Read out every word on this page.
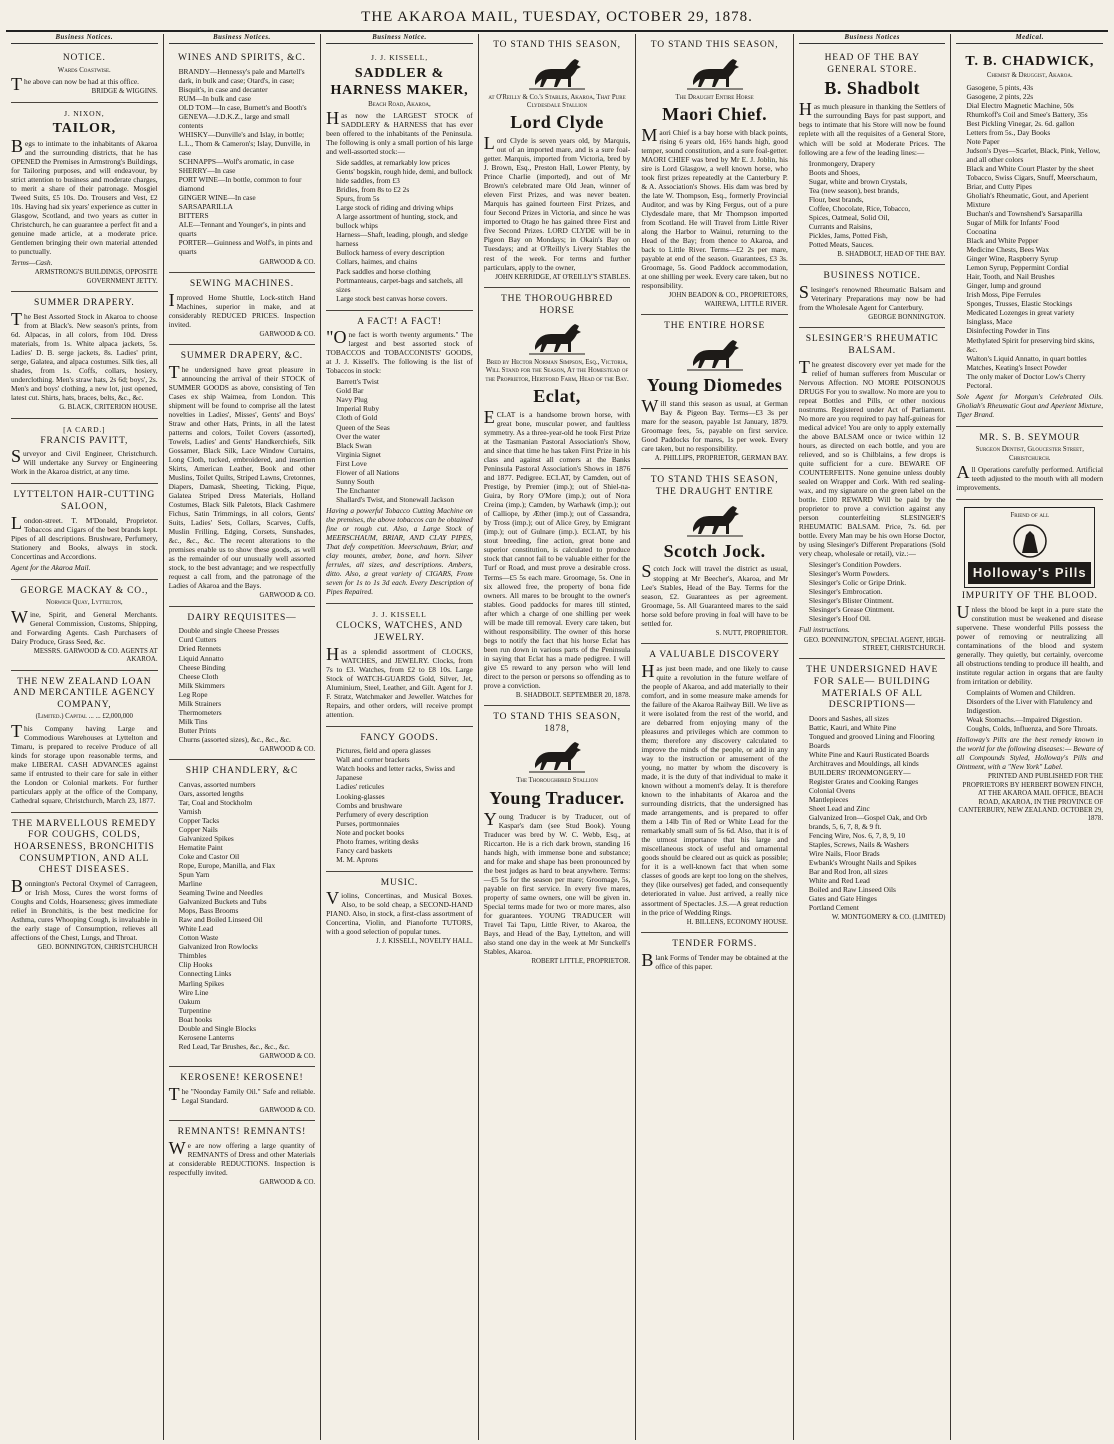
THE AKAROA MAIL, TUESDAY, OCTOBER 29, 1878.
Business Notices.
NOTICE.
Wards Coastwise.

The above can now be had at this office.

BRIDGE & WIGGINS.
J. NIXON,
TAILOR,

Begs to intimate to the inhabitants of Akaroa and the surrounding districts, that he has OPENED the Premises in Armstrong's Buildings, for Tailoring purposes, and will endeavour, by strict attention to business and moderate charges, to merit a share of their patronage. Mosgiel Tweed Suits, £5 10s. Do. Trousers and Vest, £2 10s. Having had six years' experience as cutter in Glasgow, Scotland, and two years as cutter in Christchurch, he can guarantee a perfect fit and a genuine made article, at a moderate price. Gentlemen bringing their own material attended to punctually.

Terms—Cash.

ARMSTRONG'S BUILDINGS, OPPOSITE GOVERNMENT JETTY.
SUMMER DRAPERY.

The Best Assorted Stock in Akaroa to choose from at Black's. New season's prints, from 6d. Alpacas, in all colors, from 10d. Dress materials, from 1s. White alpaca jackets, 5s. Ladies' D. B. serge jackets, 8s. Ladies' print, serge, Galatea, and alpaca costumes. Silk ties, all shades, from 1s. Coffs, collars, hosiery, underclothing. Men's straw hats, 2s 6d; boys', 2s. Men's and boys' clothing, a new lot, just opened, latest cut. Shirts, hats, braces, belts, &c., &c.

G. BLACK, CRITERION HOUSE.
[A CARD.]
FRANCIS PAVITT,

Surveyor and Civil Engineer, Christchurch. Will undertake any Survey or Engineering Work in the Akaroa district, at any time.

LYTTELTON HAIR-CUTTING SALOON,

London-street. T. M'Donald, Proprietor. Tobaccos and Cigars of the best brands kept. Pipes of all descriptions. Brushware, Perfumery, Stationery and Books, always in stock. Concertinas and Accordions.

Agent for the Akaroa Mail.

GEORGE MACKAY & CO.,
Norwich Quay, Lyttelton,

Wine, Spirit, and General Merchants. General Commission, Customs, Shipping, and Forwarding Agents. Cash Purchasers of Dairy Produce, Grass Seed, &c.

MESSRS. GARWOOD & CO. AGENTS AT AKAROA.
THE NEW ZEALAND LOAN AND MERCANTILE AGENCY COMPANY,
(Limited.) Capital ... ... £2,000,000

This Company having Large and Commodious Warehouses at Lyttelton and Timaru, is prepared to receive Produce of all kinds for storage upon reasonable terms, and make LIBERAL CASH ADVANCES against same if entrusted to their care for sale in either the London or Colonial markets. For further particulars apply at the office of the Company, Cathedral square, Christchurch, March 23, 1877.

THE MARVELLOUS REMEDY FOR COUGHS, COLDS, HOARSENESS, BRONCHITIS CONSUMPTION, AND ALL CHEST DISEASES.

Bonnington's Pectoral Oxymel of Carrageen, or Irish Moss, Cures the worst forms of Coughs and Colds, Hoarseness; gives immediate relief in Bronchitis, is the best medicine for Asthma, cures Whooping Cough, is invaluable in the early stage of Consumption, relieves all affections of the Chest, Lungs, and Throat.

GEO. BONNINGTON, CHRISTCHURCH
Business Notices.
WINES AND SPIRITS, &C.
BRANDY—Hennessy's pale and Martell's dark, in bulk and case; Otard's, in case; Bisquit's, in case and decanter
RUM—In bulk and case
OLD TOM—In case, Burnett's and Booth's
GENEVA—J.D.K.Z., large and small contents
WHISKY—Dunville's and Islay, in bottle; L.L., Thom & Cameron's; Islay, Dunville, in case
SCHNAPPS—Wolf's aromatic, in case
SHERRY—In case
PORT WINE—In bottle, common to four diamond
GINGER WINE—In case
SARSAPARILLA
BITTERS
ALE—Tennant and Younger's, in pints and quarts
PORTER—Guinness and Wolf's, in pints and quarts
GARWOOD & CO.
SEWING MACHINES.

Improved Home Shuttle, Lock-stitch Hand Machines, superior in make, and at considerably REDUCED PRICES. Inspection invited.

GARWOOD & CO.
SUMMER DRAPERY, &C.

The undersigned have great pleasure in announcing the arrival of their STOCK of SUMMER GOODS as above, consisting of Ten Cases ex ship Waimea, from London. This shipment will be found to comprise all the latest novelties in Ladies', Misses', Gents' and Boys' Straw and other Hats, Prints, in all the latest patterns and colors, Toilet Covers (assorted), Towels, Ladies' and Gents' Handkerchiefs, Silk Gossamer, Black Silk, Lace Window Curtains, Long Cloth, tucked, embroidered, and insertion Skirts, American Leather, Book and other Muslins, Toilet Quilts, Striped Lawns, Cretonnes, Diapers, Damask, Sheeting, Ticking, Pique, Galatea Striped Dress Materials, Holland Costumes, Black Silk Paletots, Black Cashmere Fichus, Satin Trimmings, in all colors, Gents' Suits, Ladies' Sets, Collars, Scarves, Cuffs, Muslin Frilling, Edging, Corsets, Sunshades, &c., &c., &c. The recent alterations to the premises enable us to show these goods, as well as the remainder of our unusually well assorted stock, to the best advantage; and we respectfully request a call from, and the patronage of the Ladies of Akaroa and the Bays.

GARWOOD & CO.
DAIRY REQUISITES—
Double and single Cheese Presses
Curd Cutters
Dried Rennets
Liquid Annatto
Cheese Binding
Cheese Cloth
Milk Skimmers
Leg Rope
Milk Strainers
Thermometers
Milk Tins
Butter Prints
Churns (assorted sizes), &c., &c., &c.
GARWOOD & CO.
SHIP CHANDLERY, &C
Canvas, assorted numbers
Oars, assorted lengths
Tar, Coal and Stockholm
Varnish
Copper Tacks
Copper Nails
Galvanized Spikes
Hematite Paint
Coke and Castor Oil
Rope, Europe, Manilla, and Flax
Spun Yarn
Marline
Seaming Twine and Needles
Galvanized Buckets and Tubs
Mops, Bass Brooms
Raw and Boiled Linseed Oil
White Lead
Cotton Waste
Galvanized Iron Rowlocks
Thimbles
Clip Hooks
Connecting Links
Marling Spikes
Wire Line
Oakum
Turpentine
Boat hooks
Double and Single Blocks
Kerosene Lanterns
Red Lead, Tar Brushes, &c., &c., &c.
GARWOOD & CO.
KEROSENE! KEROSENE!

The "Noonday Family Oil." Safe and reliable. Legal Standard.

GARWOOD & CO.
REMNANTS! REMNANTS!

We are now offering a large quantity of REMNANTS of Dress and other Materials at considerable REDUCTIONS. Inspection is respectfully invited.

GARWOOD & CO.
Business Notice.
J. J. KISSELL,
SADDLER & HARNESS MAKER,
Beach Road, Akaroa,

Has now the LARGEST STOCK of SADDLERY & HARNESS that has ever been offered to the inhabitants of the Peninsula. The following is only a small portion of his large and well-assorted stock:—

Side saddles, at remarkably low prices
Gents' bogskin, rough hide, demi, and bullock hide saddles, from £3
Bridles, from 8s to £2 2s
Spurs, from 5s
Large stock of riding and driving whips
A large assortment of hunting, stock, and bullock whips
Harness—Shaft, leading, plough, and sledge harness
Bullock harness of every description
Collars, haimes, and chains
Pack saddles and horse clothing
Portmanteaus, carpet-bags and satchels, all sizes
Large stock best canvas horse covers.
A FACT! A FACT!

"One fact is worth twenty arguments." The largest and best assorted stock of TOBACCOS and TOBACCONISTS' GOODS, at J. J. Kissell's. The following is the list of Tobaccos in stock:

Barrett's Twist
Gold Bar
Navy Plug
Imperial Ruby
Cloth of Gold
Queen of the Seas
Over the water
Black Swan
Virginia Signet
First Love
Flower of all Nations
Sunny South
The Enchanter
Shallard's Twist, and Stonewall Jackson

Having a powerful Tobacco Cutting Machine on the premises, the above tobaccos can be obtained fine or rough cut. Also, a Large Stock of MEERSCHAUM, BRIAR, AND CLAY PIPES, That defy competition. Meerschaum, Briar, and clay mounts, amber, bone, and horn. Silver ferrules, all sizes, and descriptions. Ambers, ditto. Also, a great variety of CIGARS, From seven for 1s to 1s 3d each. Every Description of Pipes Repaired.

J. J. KISSELL
CLOCKS, WATCHES, AND JEWELRY.

Has a splendid assortment of CLOCKS, WATCHES, and JEWELRY. Clocks, from 7s to £3. Watches, from £2 to £8 10s. Large Stock of WATCH-GUARDS Gold, Silver, Jet, Aluminium, Steel, Leather, and Gilt. Agent for J. F. Stratz, Watchmaker and Jeweller. Watches for Repairs, and other orders, will receive prompt attention.

FANCY GOODS.
Pictures, field and opera glasses
Wall and corner brackets
Watch hooks and letter racks, Swiss and Japanese
Ladies' reticules
Looking-glasses
Combs and brushware
Perfumery of every description
Purses, portmonnaies
Note and pocket books
Photo frames, writing desks
Fancy card baskets
M. M. Aprons
MUSIC.

Violins, Concertinas, and Musical Boxes. Also, to be sold cheap, a SECOND-HAND PIANO. Also, in stock, a first-class assortment of Concertina, Violin, and Pianoforte TUTORS, with a good selection of popular tunes.

J. J. KISSELL, NOVELTY HALL.
TO STAND THIS SEASON,
at O'Reilly & Co.'s Stables, Akaroa, That Pure Clydesdale Stallion
Lord Clyde

Lord Clyde is seven years old, by Marquis, out of an imported mare, and is a sure foal-getter. Marquis, imported from Victoria, bred by J. Brown, Esq., Preston Hall, Lower Plenty, by Prince Charlie (imported), and out of Mr Brown's celebrated mare Old Jean, winner of eleven First Prizes, and was never beaten. Marquis has gained fourteen First Prizes, and four Second Prizes in Victoria, and since he was imported to Otago he has gained three First and five Second Prizes. LORD CLYDE will be in Pigeon Bay on Mondays; in Okain's Bay on Tuesdays; and at O'Reilly's Livery Stables the rest of the week. For terms and further particulars, apply to the owner,

JOHN KERRIDGE, AT O'REILLY'S STABLES.
THE THOROUGHBRED HORSE
Bred by Hector Norman Simpson, Esq., Victoria, Will Stand for the Season, At the Homestead of the Proprietor, Hertford Farm, Head of the Bay.
Eclat,

ECLAT is a handsome brown horse, with great bone, muscular power, and faultless symmetry. As a three-year-old he took First Prize at the Tasmanian Pastoral Association's Show, and since that time he has taken First Prize in his class and against all comers at the Banks Peninsula Pastoral Association's Shows in 1876 and 1877. Pedigree. ECLAT, by Camden, out of Prestige, by Premier (imp.); out of Shiel-na-Guira, by Rory O'More (imp.); out of Nora Creina (imp.); Camden, by Warhawk (imp.); out of Calliope, by Æther (imp.); out of Cassandra, by Tross (imp.); out of Alice Grey, by Emigrant (imp.); out of Gulnare (imp.). ECLAT, by his stout breeding, fine action, great bone and superior constitution, is calculated to produce stock that cannot fail to be valuable either for the Turf or Road, and must prove a desirable cross. Terms—£5 5s each mare. Groomage, 5s. One in six allowed free, the property of bona fide owners. All mares to be brought to the owner's stables. Good paddocks for mares till stinted, after which a charge of one shilling per week will be made till removal. Every care taken, but without responsibility. The owner of this horse begs to notify the fact that his horse Eclat has been run down in various parts of the Peninsula in saying that Eclat has a made pedigree. I will give £5 reward to any person who will lend direct to the person or persons so offending as to prove a conviction.

B. SHADBOLT. SEPTEMBER 20, 1878.
TO STAND THIS SEASON, 1878,
The Thoroughbred Stallion
Young Traducer.

Young Traducer is by Traducer, out of Kaspar's dam (see Stud Book). Young Traducer was bred by W. C. Webb, Esq., at Riccarton. He is a rich dark brown, standing 16 hands high, with immense bone and substance; and for make and shape has been pronounced by the best judges as hard to beat anywhere. Terms:—£5 5s for the season per mare; Groomage, 5s, payable on first service. In every five mares, property of same owners, one will be given in. Special terms made for two or more mares, also for guarantees. YOUNG TRADUCER will Travel Tai Tapu, Little River, to Akaroa, the Bays, and Head of the Bay, Lyttelton, and will also stand one day in the week at Mr Sunckell's Stables, Akaroa.

ROBERT LITTLE, PROPRIETOR.
TO STAND THIS SEASON,
The Draught Entire Horse
Maori Chief.

Maori Chief is a bay horse with black points, rising 6 years old, 16½ hands high, good temper, sound constitution, and a sure foal-getter. MAORI CHIEF was bred by Mr E. J. Joblin, his sire is Lord Glasgow, a well known horse, who took first prizes repeatedly at the Canterbury P. & A. Association's Shows. His dam was bred by the late W. Thompson, Esq., formerly Provincial Auditor, and was by King Fergus, out of a pure Clydesdale mare, that Mr Thompson imported from Scotland. He will Travel from Little River along the Harbor to Wainui, returning to the Head of the Bay; from thence to Akaroa, and back to Little River. Terms—£2 2s per mare, payable at end of the season. Guarantees, £3 3s. Groomage, 5s. Good Paddock accommodation, at one shilling per week. Every care taken, but no responsibility.

JOHN BEADON & CO., PROPRIETORS, WAIREWA, LITTLE RIVER.
THE ENTIRE HORSE
Young Diomedes

Will stand this season as usual, at German Bay & Pigeon Bay. Terms—£3 3s per mare for the season, payable 1st January, 1879. Groomage fees, 5s, payable on first service. Good Paddocks for mares, 1s per week. Every care taken, but no responsibility.

A. PHILLIPS, PROPRIETOR, GERMAN BAY.
TO STAND THIS SEASON, THE DRAUGHT ENTIRE
Scotch Jock.

Scotch Jock will travel the district as usual, stopping at Mr Beecher's, Akaroa, and Mr Lee's Stables, Head of the Bay. Terms for the season, £2. Guarantees as per agreement. Groomage, 5s. All Guaranteed mares to the said horse sold before proving in foal will have to be settled for.

S. NUTT, PROPRIETOR.
A VALUABLE DISCOVERY

Has just been made, and one likely to cause quite a revolution in the future welfare of the people of Akaroa, and add materially to their comfort, and in some measure make amends for the failure of the Akaroa Railway Bill. We live as it were isolated from the rest of the world, and are debarred from enjoying many of the pleasures and privileges which are common to them; therefore any discovery calculated to improve the minds of the people, or add in any way to the instruction or amusement of the young, no matter by whom the discovery is made, it is the duty of that individual to make it known without a moment's delay. It is therefore known to the inhabitants of Akaroa and the surrounding districts, that the undersigned has made arrangements, and is prepared to offer them a 14lb Tin of Red or White Lead for the remarkably small sum of 5s 6d. Also, that it is of the utmost importance that his large and miscellaneous stock of useful and ornamental goods should be cleared out as quick as possible; for it is a well-known fact that when some classes of goods are kept too long on the shelves, they (like ourselves) get faded, and consequently deteriorated in value. Just arrived, a really nice assortment of Spectacles. J.S.—A great reduction in the price of Wedding Rings.

H. BILLENS, ECONOMY HOUSE.
TENDER FORMS.

Blank Forms of Tender may be obtained at the office of this paper.

Business Notices
HEAD OF THE BAY GENERAL STORE.
B. Shadbolt

Has much pleasure in thanking the Settlers of the surrounding Bays for past support, and begs to intimate that his Store will now be found replete with all the requisites of a General Store, which will be sold at Moderate Prices. The following are a few of the leading lines:—

Ironmongery, Drapery
Boots and Shoes,
Sugar, white and brown Crystals,
Tea (new season), best brands,
Flour, best brands,
Coffee, Chocolate, Rice, Tobacco,
Spices, Oatmeal, Solid Oil,
Currants and Raisins,
Pickles, Jams, Potted Fish,
Potted Meats, Sauces.
B. SHADBOLT, HEAD OF THE BAY.
BUSINESS NOTICE.

Slesinger's renowned Rheumatic Balsam and Veterinary Preparations may now be had from the Wholesale Agent for Canterbury.

GEORGE BONNINGTON.
SLESINGER'S RHEUMATIC BALSAM.

The greatest discovery ever yet made for the relief of human sufferers from Muscular or Nervous Affection. NO MORE POISONOUS DRUGS For you to swallow. No more are you to repeat Bottles and Pills, or other noxious nostrums. Registered under Act of Parliament. No more are you required to pay half-guineas for medical advice! You are only to apply externally the above BALSAM once or twice within 12 hours, as directed on each bottle, and you are relieved, and so is Chilblains, a few drops is quite sufficient for a cure. BEWARE OF COUNTERFEITS. None genuine unless doubly sealed on Wrapper and Cork. With red sealing-wax, and my signature on the green label on the bottle. £100 REWARD Will be paid by the proprietor to prove a conviction against any person counterfeiting SLESINGER'S RHEUMATIC BALSAM. Price, 7s. 6d. per bottle. Every Man may be his own Horse Doctor, by using Slesinger's Different Preparations (Sold very cheap, wholesale or retail), viz.:—

Slesinger's Condition Powders.
Slesinger's Worm Powders.
Slesinger's Colic or Gripe Drink.
Slesinger's Embrocation.
Slesinger's Blister Ointment.
Slesinger's Grease Ointment.
Slesinger's Hoof Oil.

Full instructions.

GEO. BONNINGTON, SPECIAL AGENT, HIGH-STREET, CHRISTCHURCH.
THE UNDERSIGNED HAVE FOR SALE— BUILDING MATERIALS OF ALL DESCRIPTIONS—
Doors and Sashes, all sizes
Battic, Kauri, and White Pine
Tongued and grooved Lining and Flooring Boards
White Pine and Kauri Rusticated Boards
Architraves and Mouldings, all kinds
BUILDERS' IRONMONGERY—
Register Grates and Cooking Ranges
Colonial Ovens
Mantlepieces
Sheet Lead and Zinc
Galvanized Iron—Gospel Oak, and Orb brands, 5, 6, 7, 8, & 9 ft.
Fencing Wire, Nos. 6, 7, 8, 9, 10
Staples, Screws, Nails & Washers
Wire Nails, Floor Brads
Ewbank's Wrought Nails and Spikes
Bar and Rod Iron, all sizes
White and Red Lead
Boiled and Raw Linseed Oils
Gates and Gate Hinges
Portland Cement
W. MONTGOMERY & CO. (LIMITED)
Medical.
T. B. CHADWICK,
Chemist & Druggist, Akaroa.
Gasogene, 5 pints, 43s
Gasogene, 2 pints, 22s
Dial Electro Magnetic Machine, 50s
Rhumkoff's Coil and Smee's Battery, 35s
Best Pickling Vinegar, 2s. 6d. gallon
Letters from 5s., Day Books
Note Paper
Judson's Dyes—Scarlet, Black, Pink, Yellow, and all other colors
Black and White Court Plaster by the sheet
Tobacco, Swiss Cigars, Snuff, Meerschaum, Briar, and Cutty Pipes
Gholiah's Rheumatic, Gout, and Aperient Mixture
Buchan's and Townshend's Sarsaparilla
Sugar of Milk for Infants' Food
Cocoatina
Black and White Pepper
Medicine Chests, Bees Wax
Ginger Wine, Raspberry Syrup
Lemon Syrup, Peppermint Cordial
Hair, Tooth, and Nail Brushes
Ginger, lump and ground
Irish Moss, Pipe Ferrules
Sponges, Trusses, Elastic Stockings
Medicated Lozenges in great variety
Isinglass, Mace
Disinfecting Powder in Tins
Methylated Spirit for preserving bird skins, &c.
Walton's Liquid Annatto, in quart bottles
Matches, Keating's Insect Powder
The only maker of Doctor Low's Cherry Pectoral.

Sole Agent for Morgan's Celebrated Oils. Gholiah's Rheumatic Gout and Aperient Mixture, Tiger Brand.

MR. S. B. SEYMOUR
Surgeon Dentist, Gloucester Street, Christchurch.

All Operations carefully performed. Artificial teeth adjusted to the mouth with all modern improvements.

Friend of all
Holloway's Pills
IMPURITY OF THE BLOOD.

Unless the blood be kept in a pure state the constitution must be weakened and disease supervene. These wonderful Pills possess the power of removing or neutralizing all contaminations of the blood and system generally. They quietly, but certainly, overcome all obstructions tending to produce ill health, and institute regular action in organs that are faulty from irritation or debility.

Complaints of Women and Children.
Disorders of the Liver with Flatulency and Indigestion.
Weak Stomachs.—Impaired Digestion.
Coughs, Colds, Influenza, and Sore Throats.

Holloway's Pills are the best remedy known in the world for the following diseases:— Beware of all Compounds Styled, Holloway's Pills and Ointment, with a "New York" Label.

PRINTED AND PUBLISHED FOR THE PROPRIETORS BY HERBERT BOWEN FINCH, AT THE AKAROA MAIL OFFICE, BEACH ROAD, AKAROA, IN THE PROVINCE OF CANTERBURY, NEW ZEALAND. OCTOBER 29, 1878.
